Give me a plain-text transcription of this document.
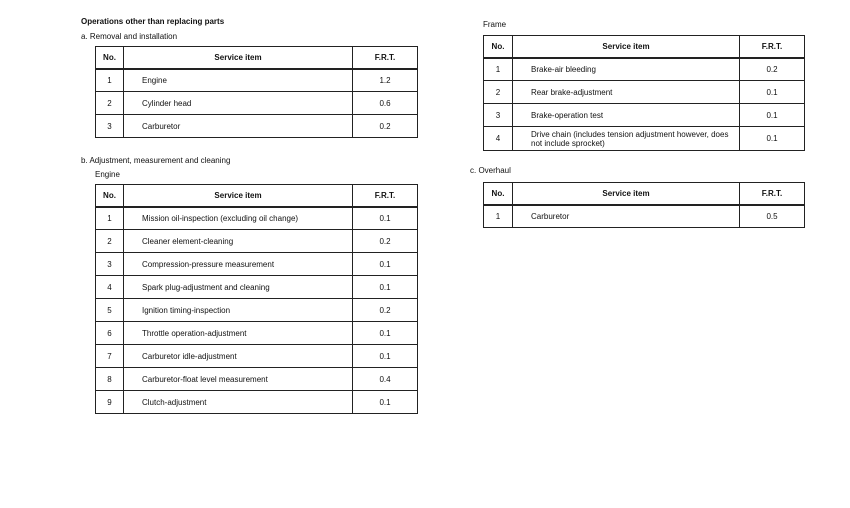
Operations other than replacing parts
a. Removal and installation
No.	Service item	F.R.T.
1	Engine	1.2
2	Cylinder head	0.6
3	Carburetor	0.2
b. Adjustment, measurement and cleaning
Engine
No.	Service item	F.R.T.
1	Mission oil-inspection (excluding oil change)	0.1
2	Cleaner element-cleaning	0.2
3	Compression-pressure measurement	0.1
4	Spark plug-adjustment and cleaning	0.1
5	Ignition timing-inspection	0.2
6	Throttle operation-adjustment	0.1
7	Carburetor idle-adjustment	0.1
8	Carburetor-float level measurement	0.4
9	Clutch-adjustment	0.1
Frame
No.	Service item	F.R.T.
1	Brake-air bleeding	0.2
2	Rear brake-adjustment	0.1
3	Brake-operation test	0.1
4	Drive chain (includes tension adjustment however, does not include sprocket)	0.1
c. Overhaul
No.	Service item	F.R.T.
1	Carburetor	0.5
